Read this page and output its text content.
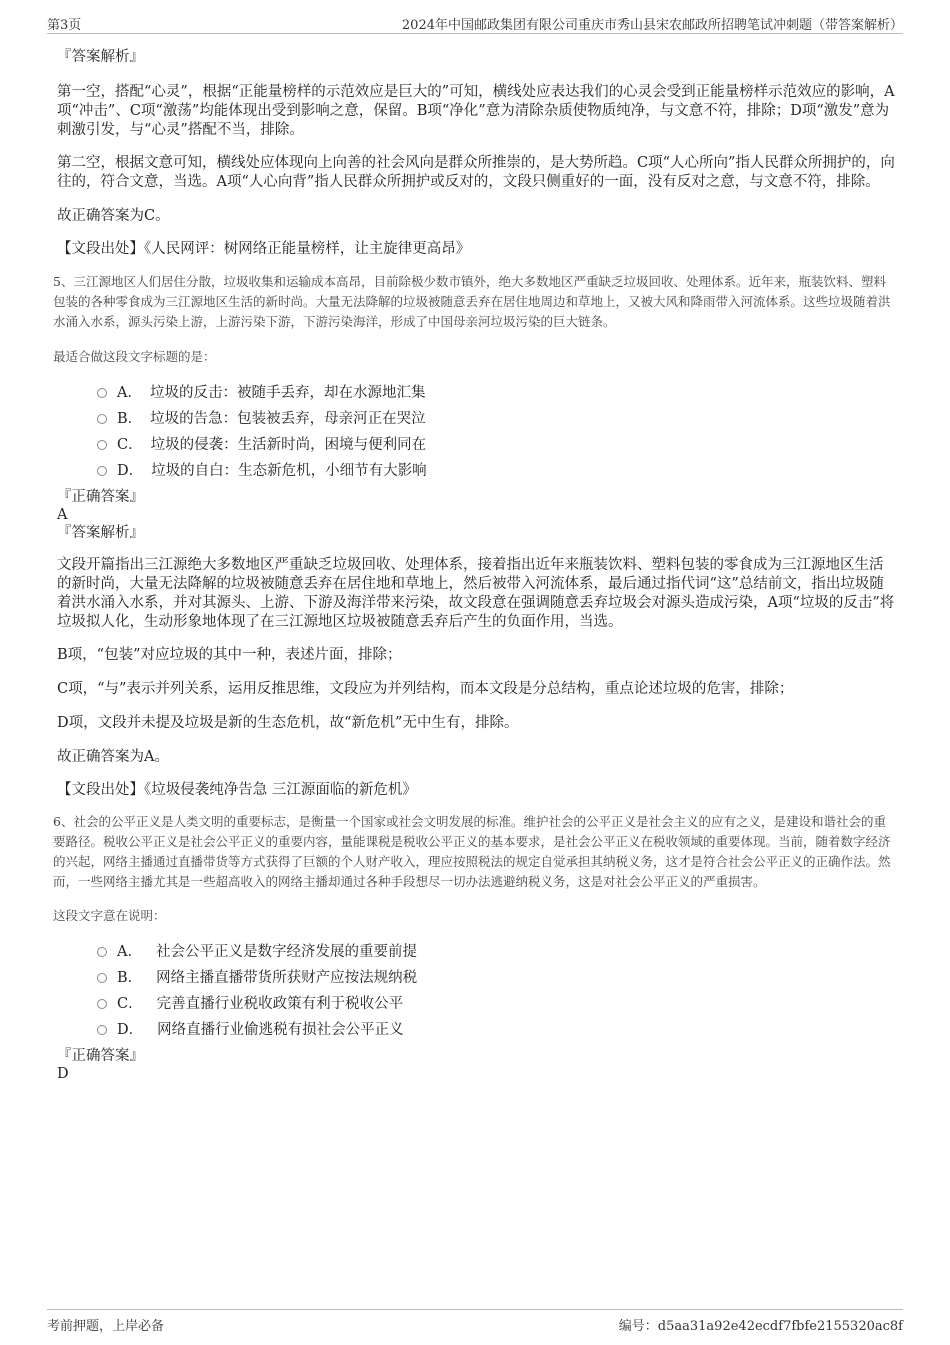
第3页	2024年中国邮政集团有限公司重庆市秀山县宋农邮政所招聘笔试冲刺题（带答案解析）
『答案解析』
第一空，搭配“心灵”，根据“正能量榜样的示范效应是巨大的”可知，横线处应表达我们的心灵会受到正能量榜样示范效应的影响，A项“冲击”、C项“激荡”均能体现出受到影响之意，保留。B项“净化”意为清除杂质使物质纯净，与文意不符，排除；D项“激发”意为刺激引发，与“心灵”搭配不当，排除。
第二空，根据文意可知，横线处应体现向上向善的社会风向是群众所推崇的，是大势所趋。C项“人心所向”指人民群众所拥护的，向往的，符合文意，当选。A项“人心向背”指人民群众所拥护或反对的，文段只侧重好的一面，没有反对之意，与文意不符，排除。
故正确答案为C。
【文段出处】《人民网评：树网络正能量榜样，让主旋律更高昂》
5、三江源地区人们居住分散，垃圾收集和运输成本高昂，目前除极少数市镇外，绝大多数地区严重缺乏垃圾回收、处理体系。近年来，瓶装饮料、塑料包装的各种零食成为三江源地区生活的新时尚。大量无法降解的垃圾被随意丢弃在居住地周边和草地上，又被大风和降雨带入河流体系。这些垃圾随着洪水涌入水系，源头污染上游，上游污染下游，下游污染海洋，形成了中国母亲河垃圾污染的巨大链条。
最适合做这段文字标题的是：
A． 垃圾的反击：被随手丢弃，却在水源地汇集
B． 垃圾的告急：包装被丢弃，母亲河正在哭泣
C． 垃圾的侵袭：生活新时尚，困境与便利同在
D． 垃圾的自白：生态新危机，小细节有大影响
『正确答案』
A
『答案解析』
文段开篇指出三江源绝大多数地区严重缺乏垃圾回收、处理体系，接着指出近年来瓶装饮料、塑料包装的零食成为三江源地区生活的新时尚，大量无法降解的垃圾被随意丢弃在居住地和草地上，然后被带入河流体系，最后通过指代词“这”总结前文，指出垃圾随着洪水涌入水系，并对其源头、上游、下游及海洋带来污染，故文段意在强调随意丢弃垃圾会对源头造成污染，A项“垃圾的反击”将垃圾拟人化，生动形象地体现了在三江源地区垃圾被随意丢弃后产生的负面作用，当选。
B项，“包装”对应垃圾的其中一种，表述片面，排除；
C项，“与”表示并列关系，运用反推思维，文段应为并列结构，而本文段是分总结构，重点论述垃圾的危害，排除；
D项，文段并未提及垃圾是新的生态危机，故“新危机”无中生有，排除。
故正确答案为A。
【文段出处】《垃圾侵袭纯净告急 三江源面临的新危机》
6、社会的公平正义是人类文明的重要标志，是衡量一个国家或社会文明发展的标准。维护社会的公平正义是社会主义的应有之义，是建设和谐社会的重要路径。税收公平正义是社会公平正义的重要内容，量能课税是税收公平正义的基本要求，是社会公平正义在税收领域的重要体现。当前，随着数字经济的兴起，网络主播通过直播带货等方式获得了巨额的个人财产收入，理应按照税法的规定自觉承担其纳税义务，这才是符合社会公平正义的正确作法。然而，一些网络主播尤其是一些超高收入的网络主播却通过各种手段想尽一切办法逃避纳税义务，这是对社会公平正义的严重损害。
这段文字意在说明：
A． 社会公平正义是数字经济发展的重要前提
B． 网络主播直播带货所获财产应按法规纳税
C． 完善直播行业税收政策有利于税收公平
D． 网络直播行业偷逃税有损社会公平正义
『正确答案』
D
考前押题，上岸必备	编号：d5aa31a92e42ecdf7fbfe2155320ac8f
